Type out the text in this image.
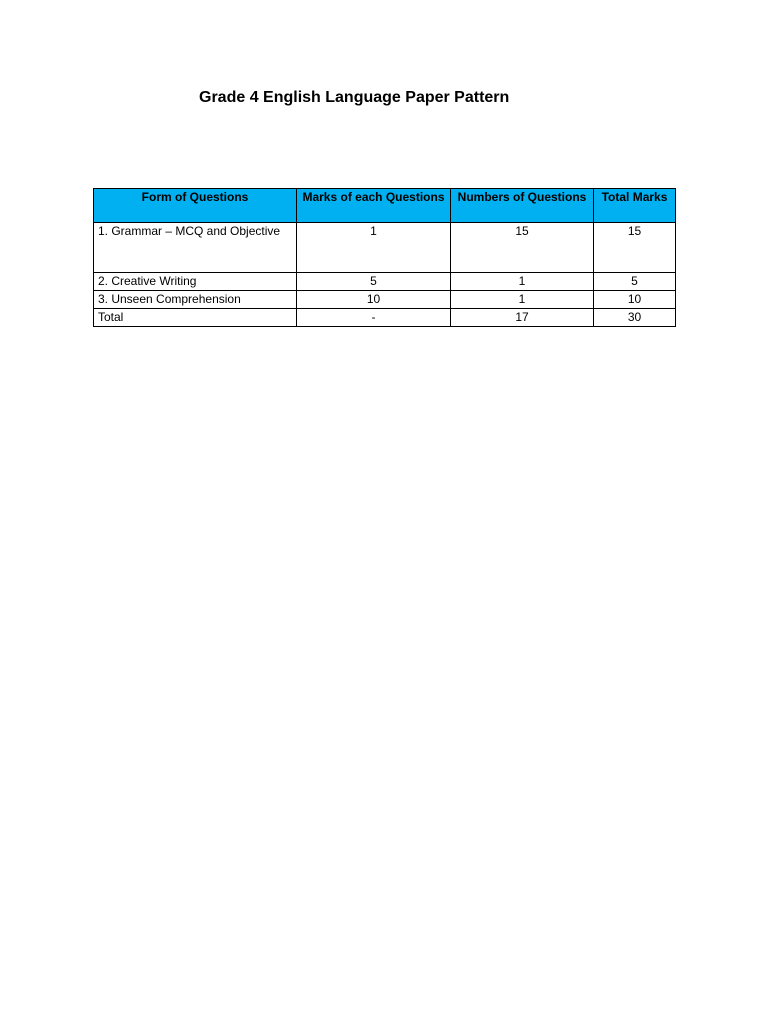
Grade 4 English Language Paper Pattern
Form of Questions	Marks of each Questions	Numbers of Questions	Total Marks
1. Grammar – MCQ and Objective	1	15	15
2. Creative Writing	5	1	5
3. Unseen Comprehension	10	1	10
Total	-	17	30
